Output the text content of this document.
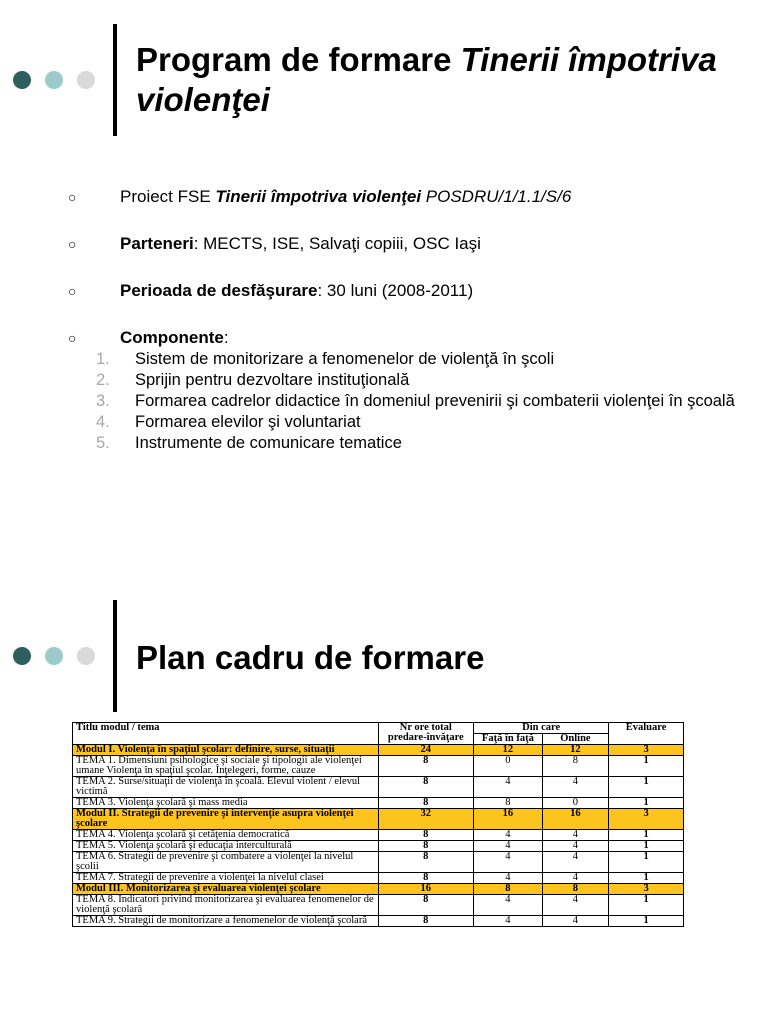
Program de formare Tinerii împotriva violenţei
○	Proiect FSE Tinerii împotriva violenţei POSDRU/1/1.1/S/6
○	Parteneri: MECTS, ISE, Salvaţi copiii, OSC Iaşi
○	Perioada de desfăşurare: 30 luni (2008-2011)
○	Componente:
1. Sistem de monitorizare a fenomenelor de violenţă în şcoli
2. Sprijin pentru dezvoltare instituţională
3. Formarea cadrelor didactice în domeniul prevenirii şi combaterii violenţei în şcoală
4. Formarea elevilor şi voluntariat
5. Instrumente de comunicare tematice
Plan cadru de formare
Titlu modul / tema	Nr ore total predare-învăţare	Din care		Evaluare
		Faţă în faţă	Online	
Modul I. Violenţa în spaţiul şcolar: definire, surse, situaţii	24	12	12	3
TEMA 1. Dimensiuni psihologice şi sociale şi tipologii ale violenţei umane Violenţa în spaţiul şcolar. Înţelegeri, forme, cauze	8	0	8	1
TEMA 2. Surse/situaţii de violenţă în şcoală. Elevul violent / elevul victimă	8	4	4	1
TEMA 3. Violenţa şcolară şi mass media	8	8	0	1
Modul II. Strategii de prevenire şi intervenţie asupra violenţei şcolare	32	16	16	3
TEMA 4. Violenţa şcolară şi cetăţenia democratică	8	4	4	1
TEMA 5. Violenţa şcolară şi educaţia interculturală	8	4	4	1
TEMA 6. Strategii de prevenire şi combatere a violenţei la nivelul şcolii	8	4	4	1
TEMA 7. Strategii de prevenire a violenţei la nivelul clasei	8	4	4	1
Modul III. Monitorizarea şi evaluarea violenţei şcolare	16	8	8	3
TEMA 8. Indicatori privind monitorizarea şi evaluarea fenomenelor de violenţă şcolară	8	4	4	1
TEMA 9. Strategii de monitorizare a fenomenelor de violenţă şcolară	8	4	4	1
